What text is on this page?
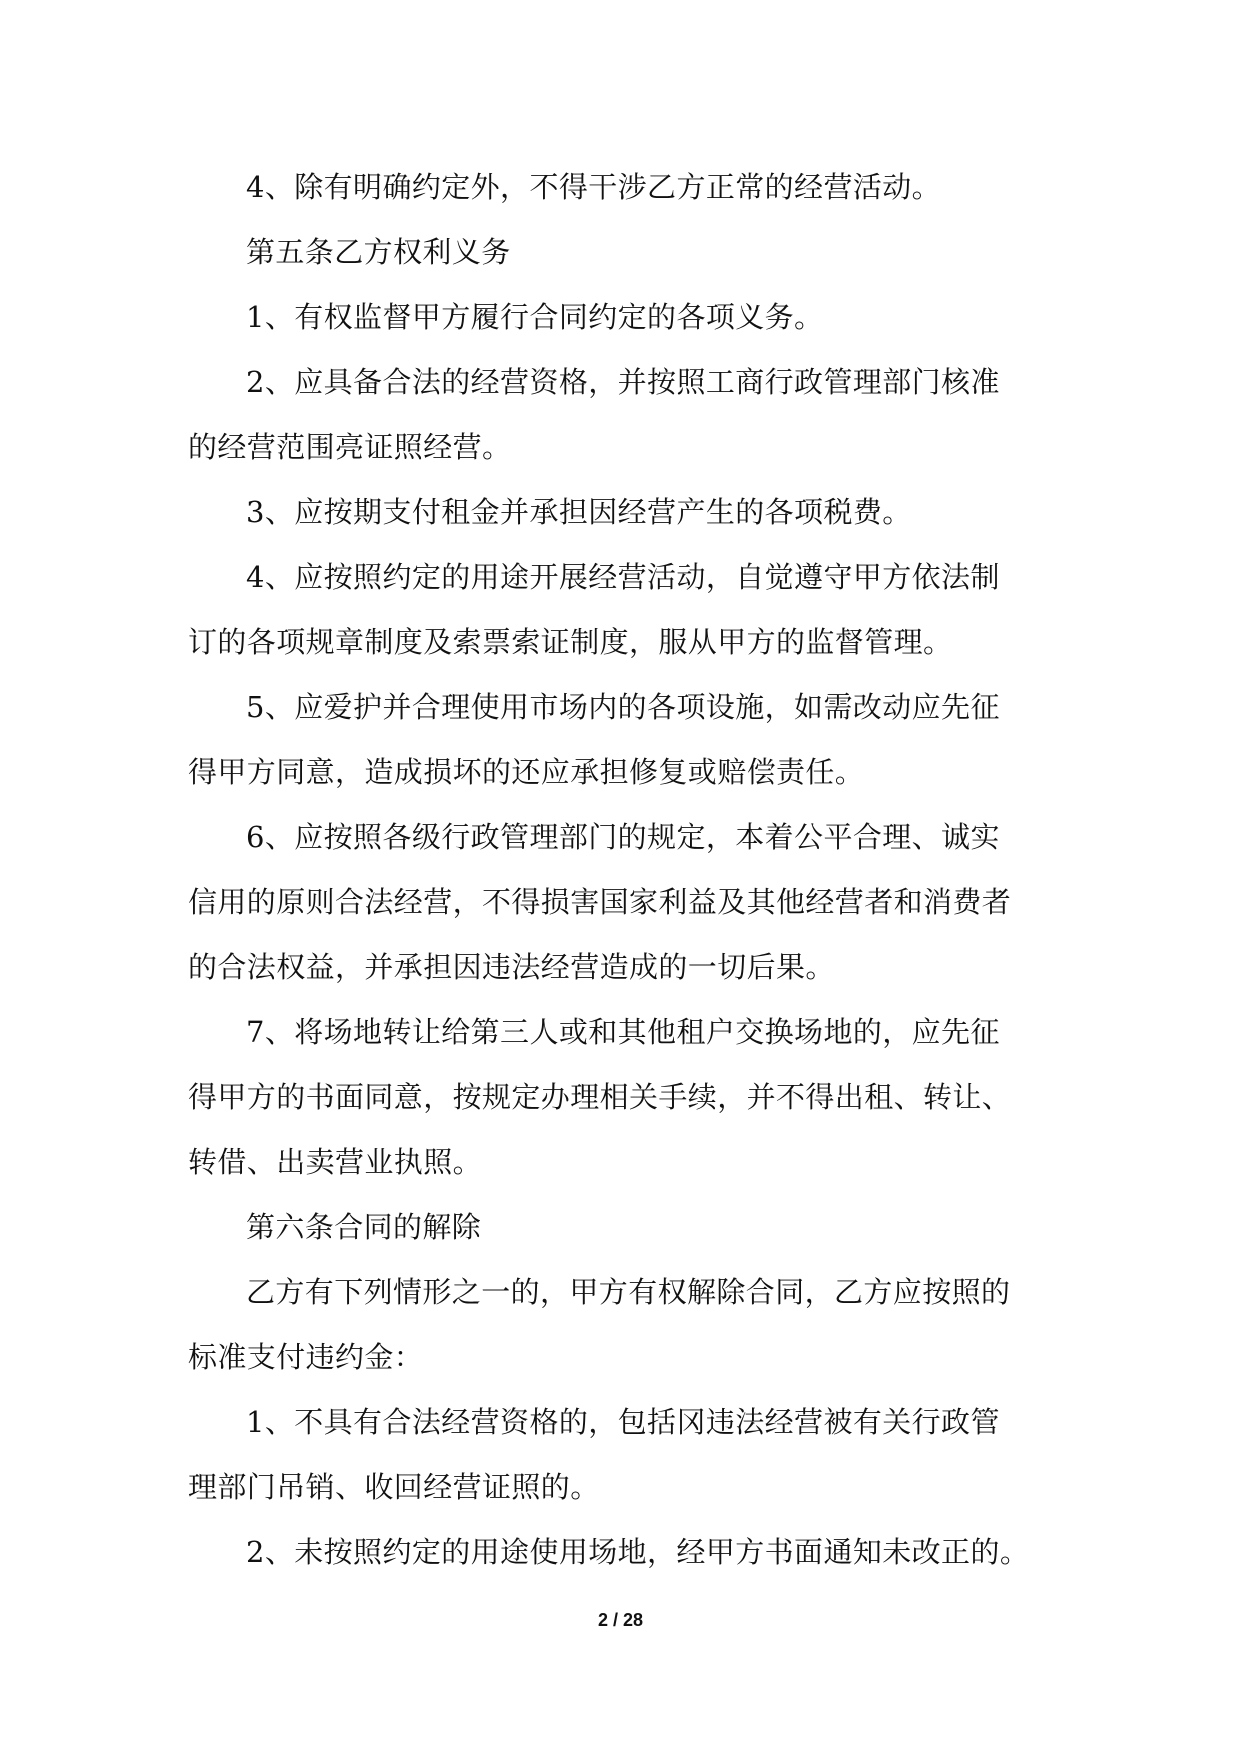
4、除有明确约定外，不得干涉乙方正常的经营活动。
第五条乙方权利义务
1、有权监督甲方履行合同约定的各项义务。
2、应具备合法的经营资格，并按照工商行政管理部门核准
的经营范围亮证照经营。
3、应按期支付租金并承担因经营产生的各项税费。
4、应按照约定的用途开展经营活动，自觉遵守甲方依法制
订的各项规章制度及索票索证制度，服从甲方的监督管理。
5、应爱护并合理使用市场内的各项设施，如需改动应先征
得甲方同意，造成损坏的还应承担修复或赔偿责任。
6、应按照各级行政管理部门的规定，本着公平合理、诚实
信用的原则合法经营，不得损害国家利益及其他经营者和消费者
的合法权益，并承担因违法经营造成的一切后果。
7、将场地转让给第三人或和其他租户交换场地的，应先征
得甲方的书面同意，按规定办理相关手续，并不得出租、转让、
转借、出卖营业执照。
第六条合同的解除
乙方有下列情形之一的，甲方有权解除合同，乙方应按照的
标准支付违约金：
1、不具有合法经营资格的，包括冈违法经营被有关行政管
理部门吊销、收回经营证照的。
2、未按照约定的用途使用场地，经甲方书面通知未改正的。
2 / 28
